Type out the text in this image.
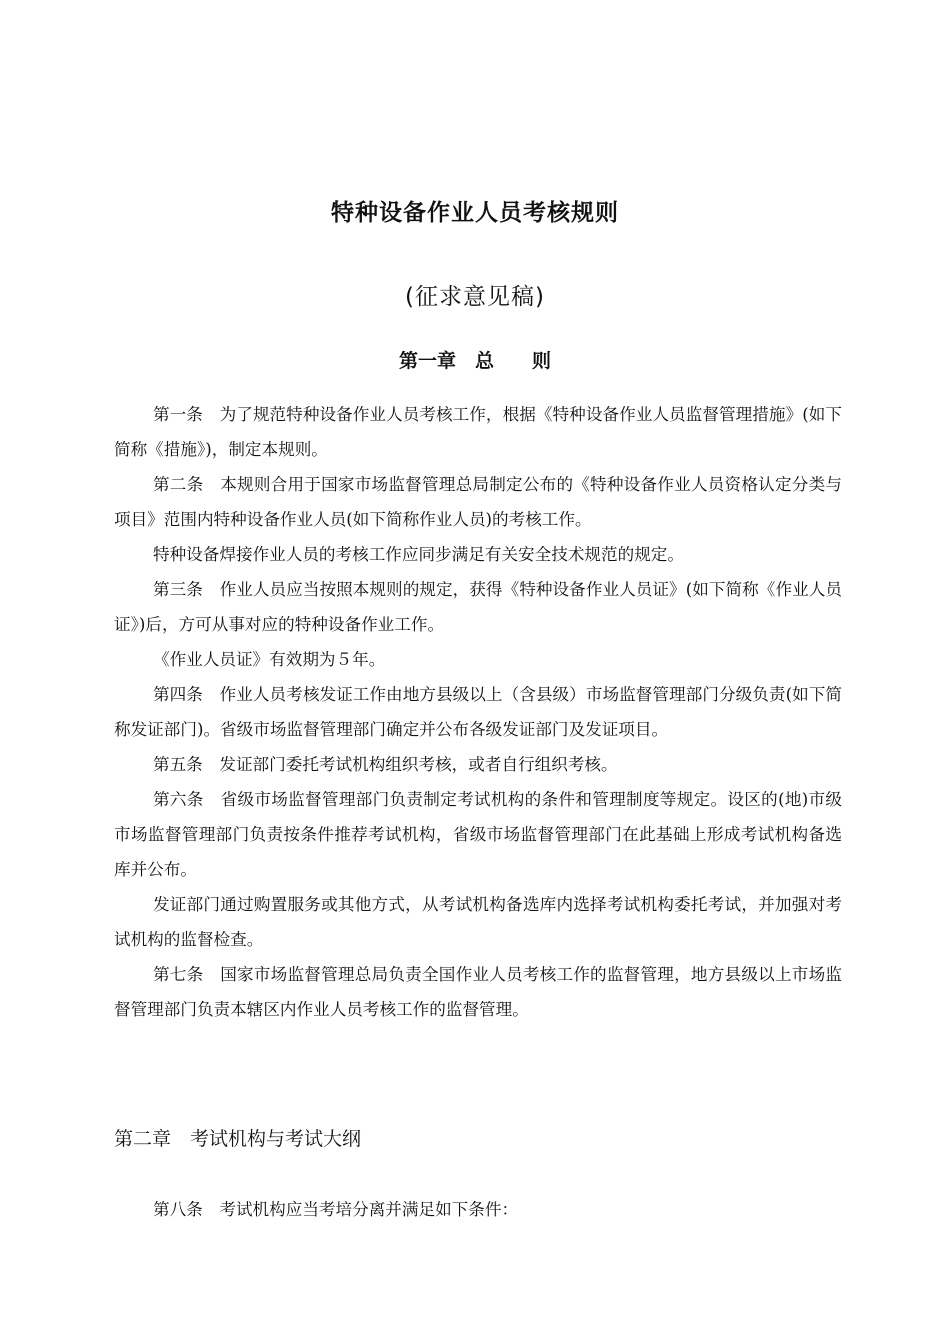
特种设备作业人员考核规则
(征求意见稿)
第一章　总　　则

第一条　为了规范特种设备作业人员考核工作，根据《特种设备作业人员监督管理措施》(如下简称《措施》)，制定本规则。

第二条　本规则合用于国家市场监督管理总局制定公布的《特种设备作业人员资格认定分类与项目》范围内特种设备作业人员(如下简称作业人员)的考核工作。

特种设备焊接作业人员的考核工作应同步满足有关安全技术规范的规定。

第三条　作业人员应当按照本规则的规定，获得《特种设备作业人员证》(如下简称《作业人员证》)后，方可从事对应的特种设备作业工作。

《作业人员证》有效期为５年。

第四条　作业人员考核发证工作由地方县级以上（含县级）市场监督管理部门分级负责(如下简称发证部门)。省级市场监督管理部门确定并公布各级发证部门及发证项目。

第五条　发证部门委托考试机构组织考核，或者自行组织考核。

第六条　省级市场监督管理部门负责制定考试机构的条件和管理制度等规定。设区的(地)市级市场监督管理部门负责按条件推荐考试机构，省级市场监督管理部门在此基础上形成考试机构备选库并公布。

发证部门通过购置服务或其他方式，从考试机构备选库内选择考试机构委托考试，并加强对考试机构的监督检查。

第七条　国家市场监督管理总局负责全国作业人员考核工作的监督管理，地方县级以上市场监督管理部门负责本辖区内作业人员考核工作的监督管理。

第二章　考试机构与考试大纲

第八条　考试机构应当考培分离并满足如下条件：
